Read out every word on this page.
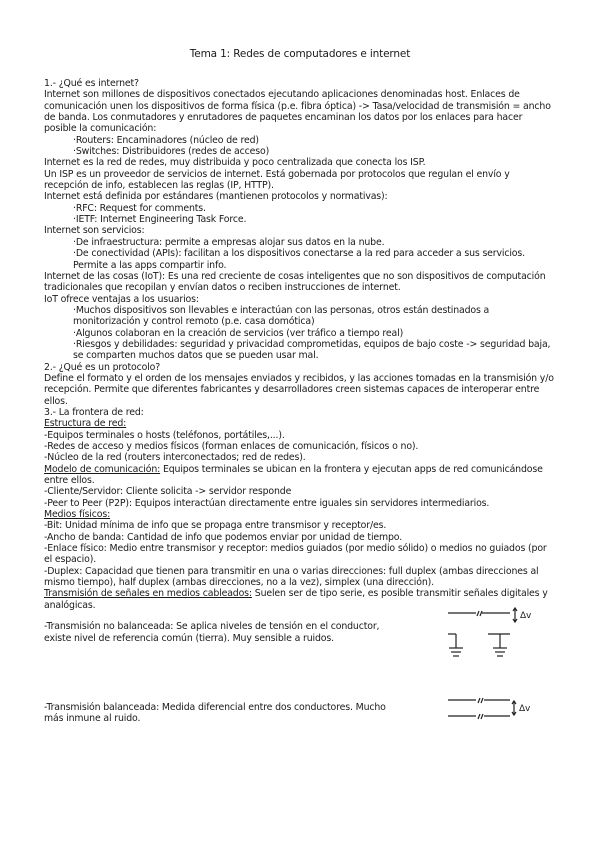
Tema 1: Redes de computadores e internet

1.- ¿Qué es internet?

Internet son millones de dispositivos conectados ejecutando aplicaciones denominadas host. Enlaces de comunicación unen los dispositivos de forma física (p.e. fibra óptica) -> Tasa/velocidad de transmisión = ancho de banda. Los conmutadores y enrutadores de paquetes encaminan los datos por los enlaces para hacer posible la comunicación:

·Routers: Encaminadores (núcleo de red)

·Switches: Distribuidores (redes de acceso)

Internet es la red de redes, muy distribuida y poco centralizada que conecta los ISP.

Un ISP es un proveedor de servicios de internet. Está gobernada por protocolos que regulan el envío y recepción de info, establecen las reglas (IP, HTTP).

Internet está definida por estándares (mantienen protocolos y normativas):

·RFC: Request for comments.

·IETF: Internet Engineering Task Force.

Internet son servicios:

·De infraestructura: permite a empresas alojar sus datos en la nube.

·De conectividad (APIs): facilitan a los dispositivos conectarse a la red para acceder a sus servicios. Permite a las apps compartir info.

Internet de las cosas (IoT): Es una red creciente de cosas inteligentes que no son dispositivos de computación tradicionales que recopilan y envían datos o reciben instrucciones de internet.

IoT ofrece ventajas a los usuarios:

·Muchos dispositivos son llevables e interactúan con las personas, otros están destinados a monitorización y control remoto (p.e. casa domótica)

·Algunos colaboran en la creación de servicios (ver tráfico a tiempo real)

·Riesgos y debilidades: seguridad y privacidad comprometidas, equipos de bajo coste -> seguridad baja, se comparten muchos datos que se pueden usar mal.

2.- ¿Qué es un protocolo?

Define el formato y el orden de los mensajes enviados y recibidos, y las acciones tomadas en la transmisión y/o recepción. Permite que diferentes fabricantes y desarrolladores creen sistemas capaces de interoperar entre ellos.

3.- La frontera de red:

Estructura de red:

-Equipos terminales o hosts (teléfonos, portátiles,...).

-Redes de acceso y medios físicos (forman enlaces de comunicación, físicos o no).

-Núcleo de la red (routers interconectados; red de redes).

Modelo de comunicación: Equipos terminales se ubican en la frontera y ejecutan apps de red comunicándose entre ellos.

-Cliente/Servidor: Cliente solicita -> servidor responde

-Peer to Peer (P2P): Equipos interactúan directamente entre iguales sin servidores intermediarios.

Medios físicos:

-Bit: Unidad mínima de info que se propaga entre transmisor y receptor/es.

-Ancho de banda: Cantidad de info que podemos enviar por unidad de tiempo.

-Enlace físico: Medio entre transmisor y receptor: medios guiados (por medio sólido) o medios no guiados (por el espacio).

-Duplex: Capacidad que tienen para transmitir en una o varias direcciones: full duplex (ambas direcciones al mismo tiempo), half duplex (ambas direcciones, no a la vez), simplex (una dirección).

Transmisión de señales en medios cableados: Suelen ser de tipo serie, es posible transmitir señales digitales y analógicas.

-Transmisión no balanceada: Se aplica niveles de tensión en el conductor, existe nivel de referencia común (tierra). Muy sensible a ruidos.

Δv

-Transmisión balanceada: Medida diferencial entre dos conductores. Mucho más inmune al ruido.

Δv
